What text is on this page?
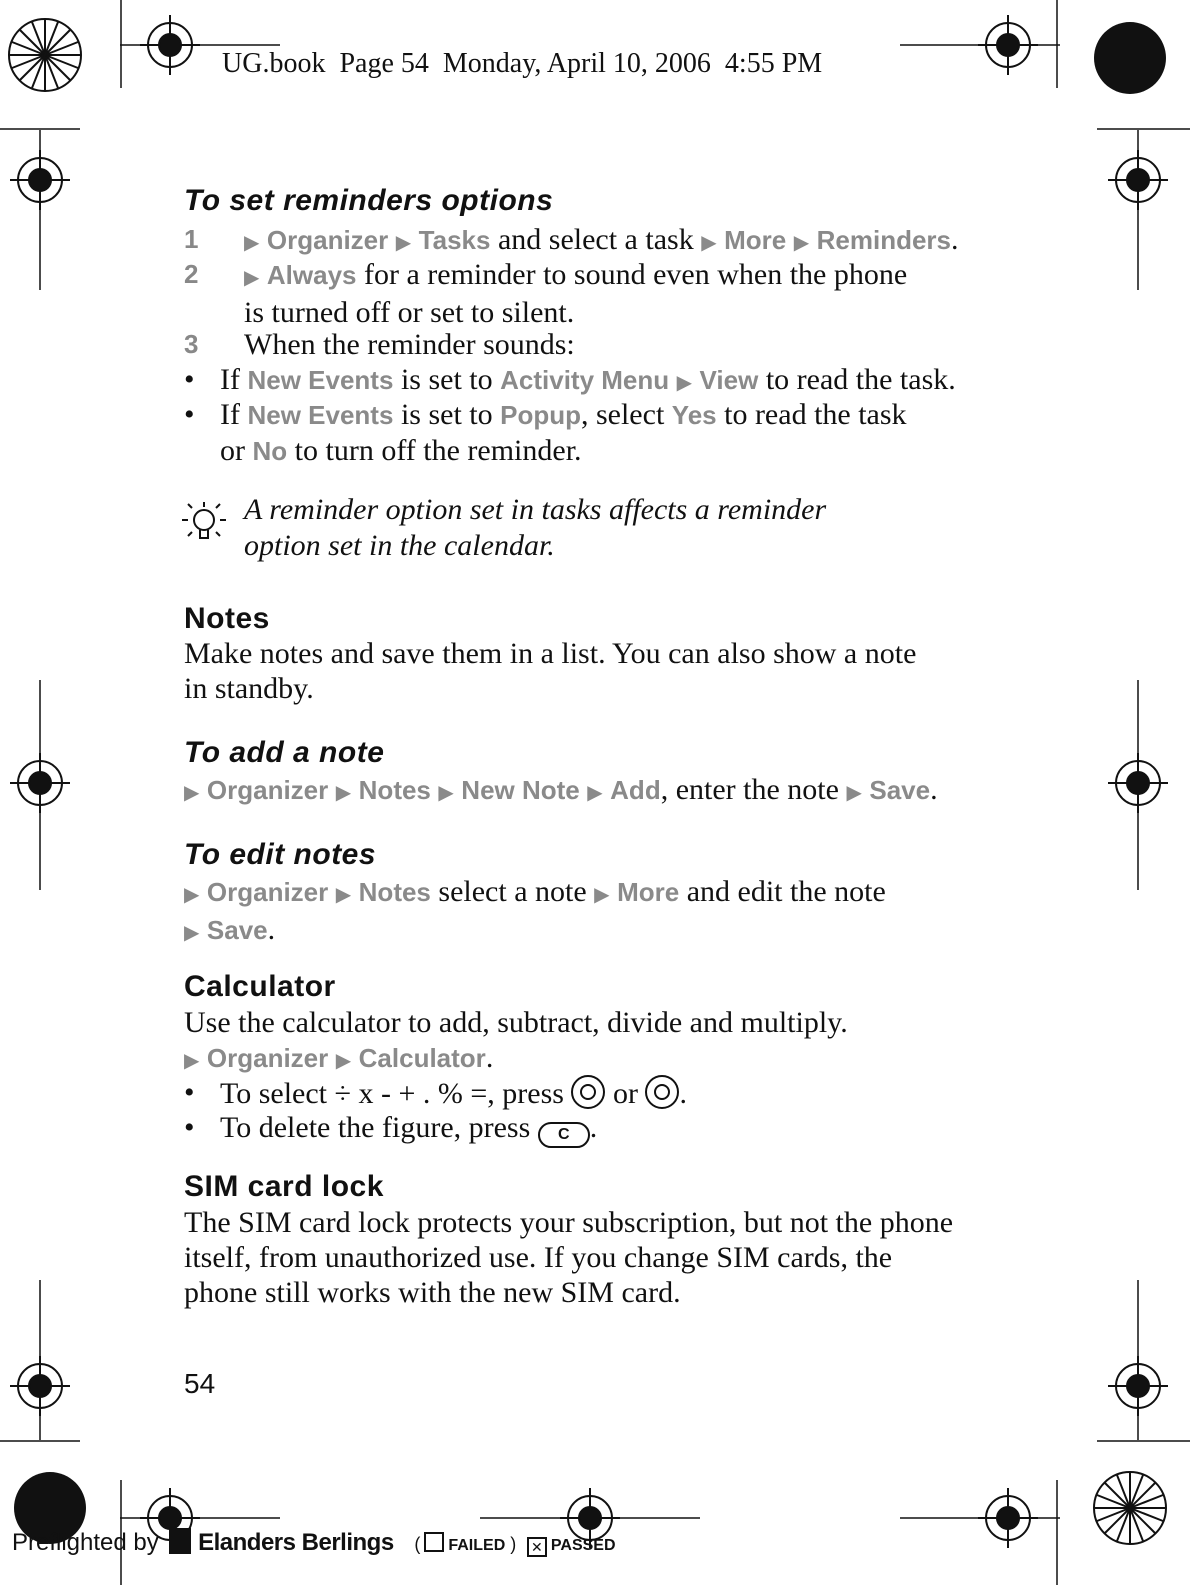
UG.book  Page 54  Monday, April 10, 2006  4:55 PM
To set reminders options
1 ▶ Organizer ▶ Tasks and select a task ▶ More ▶ Reminders.
2 ▶ Always for a reminder to sound even when the phone
is turned off or set to silent.
3 When the reminder sounds:
• If New Events is set to Activity Menu ▶ View to read the task.
• If New Events is set to Popup, select Yes to read the task
or No to turn off the reminder.
A reminder option set in tasks affects a reminder
option set in the calendar.
Notes
Make notes and save them in a list. You can also show a note
in standby.
To add a note
▶ Organizer ▶ Notes ▶ New Note ▶ Add, enter the note ▶ Save.
To edit notes
▶ Organizer ▶ Notes select a note ▶ More and edit the note
▶ Save.
Calculator
Use the calculator to add, subtract, divide and multiply.
▶ Organizer ▶ Calculator.
• To select ÷ x - + . % =, press  or .
• To delete the figure, press C .
SIM card lock
The SIM card lock protects your subscription, but not the phone
itself, from unauthorized use. If you change SIM cards, the
phone still works with the new SIM card.
54
Preflighted by Elanders Berlings ( FAILED ) ✕ PASSED
